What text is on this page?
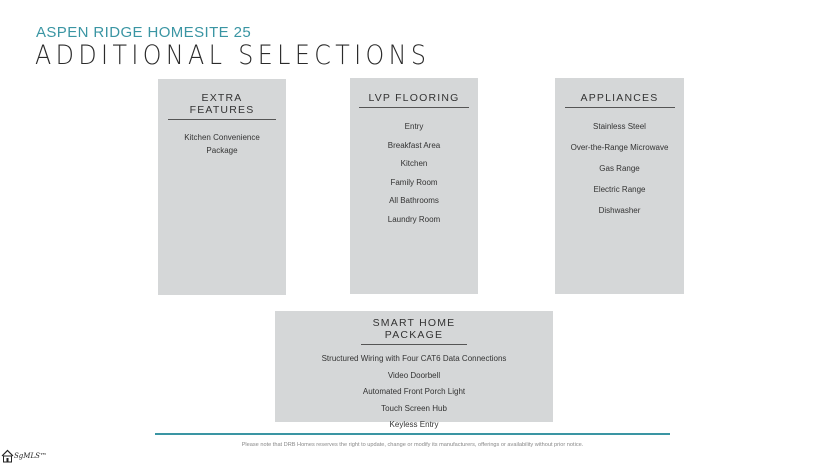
ASPEN RIDGE HOMESITE 25
ADDITIONAL SELECTIONS
EXTRA FEATURES
Kitchen Convenience Package
LVP FLOORING
Entry
Breakfast Area
Kitchen
Family Room
All Bathrooms
Laundry Room
APPLIANCES
Stainless Steel
Over-the-Range Microwave
Gas Range
Electric Range
Dishwasher
SMART HOME PACKAGE
Structured Wiring with Four CAT6 Data Connections
Video Doorbell
Automated Front Porch Light
Touch Screen Hub
Keyless Entry
Please note that DRB Homes reserves the right to update, change or modify its manufacturers, offerings or availability without prior notice.
SgMLS™
